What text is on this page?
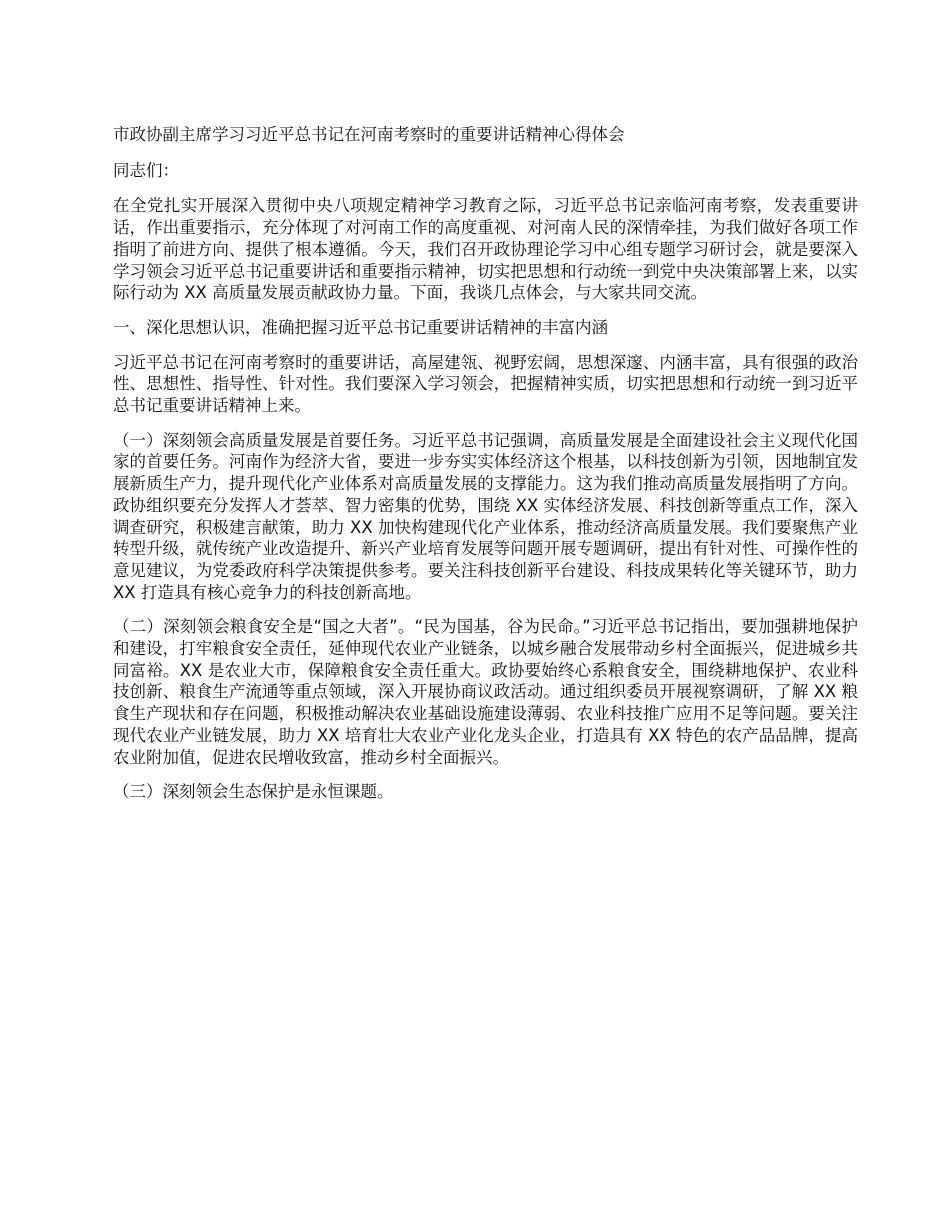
市政协副主席学习习近平总书记在河南考察时的重要讲话精神心得体会

同志们：

在全党扎实开展深入贯彻中央八项规定精神学习教育之际，习近平总书记亲临河南考察，发表重要讲话，作出重要指示，充分体现了对河南工作的高度重视、对河南人民的深情牵挂，为我们做好各项工作指明了前进方向、提供了根本遵循。今天，我们召开政协理论学习中心组专题学习研讨会，就是要深入学习领会习近平总书记重要讲话和重要指示精神，切实把思想和行动统一到党中央决策部署上来，以实际行动为 XX 高质量发展贡献政协力量。下面，我谈几点体会，与大家共同交流。

一、深化思想认识，准确把握习近平总书记重要讲话精神的丰富内涵

习近平总书记在河南考察时的重要讲话，高屋建瓴、视野宏阔，思想深邃、内涵丰富，具有很强的政治性、思想性、指导性、针对性。我们要深入学习领会，把握精神实质，切实把思想和行动统一到习近平总书记重要讲话精神上来。

（一）深刻领会高质量发展是首要任务。习近平总书记强调，高质量发展是全面建设社会主义现代化国家的首要任务。河南作为经济大省，要进一步夯实实体经济这个根基，以科技创新为引领，因地制宜发展新质生产力，提升现代化产业体系对高质量发展的支撑能力。这为我们推动高质量发展指明了方向。政协组织要充分发挥人才荟萃、智力密集的优势，围绕 XX 实体经济发展、科技创新等重点工作，深入调查研究，积极建言献策，助力 XX 加快构建现代化产业体系，推动经济高质量发展。我们要聚焦产业转型升级，就传统产业改造提升、新兴产业培育发展等问题开展专题调研，提出有针对性、可操作性的意见建议，为党委政府科学决策提供参考。要关注科技创新平台建设、科技成果转化等关键环节，助力 XX 打造具有核心竞争力的科技创新高地。

（二）深刻领会粮食安全是“国之大者”。“民为国基，谷为民命。”习近平总书记指出，要加强耕地保护和建设，打牢粮食安全责任，延伸现代农业产业链条，以城乡融合发展带动乡村全面振兴，促进城乡共同富裕。XX 是农业大市，保障粮食安全责任重大。政协要始终心系粮食安全，围绕耕地保护、农业科技创新、粮食生产流通等重点领域，深入开展协商议政活动。通过组织委员开展视察调研，了解 XX 粮食生产现状和存在问题，积极推动解决农业基础设施建设薄弱、农业科技推广应用不足等问题。要关注现代农业产业链发展，助力 XX 培育壮大农业产业化龙头企业，打造具有 XX 特色的农产品品牌，提高农业附加值，促进农民增收致富，推动乡村全面振兴。

（三）深刻领会生态保护是永恒课题。
